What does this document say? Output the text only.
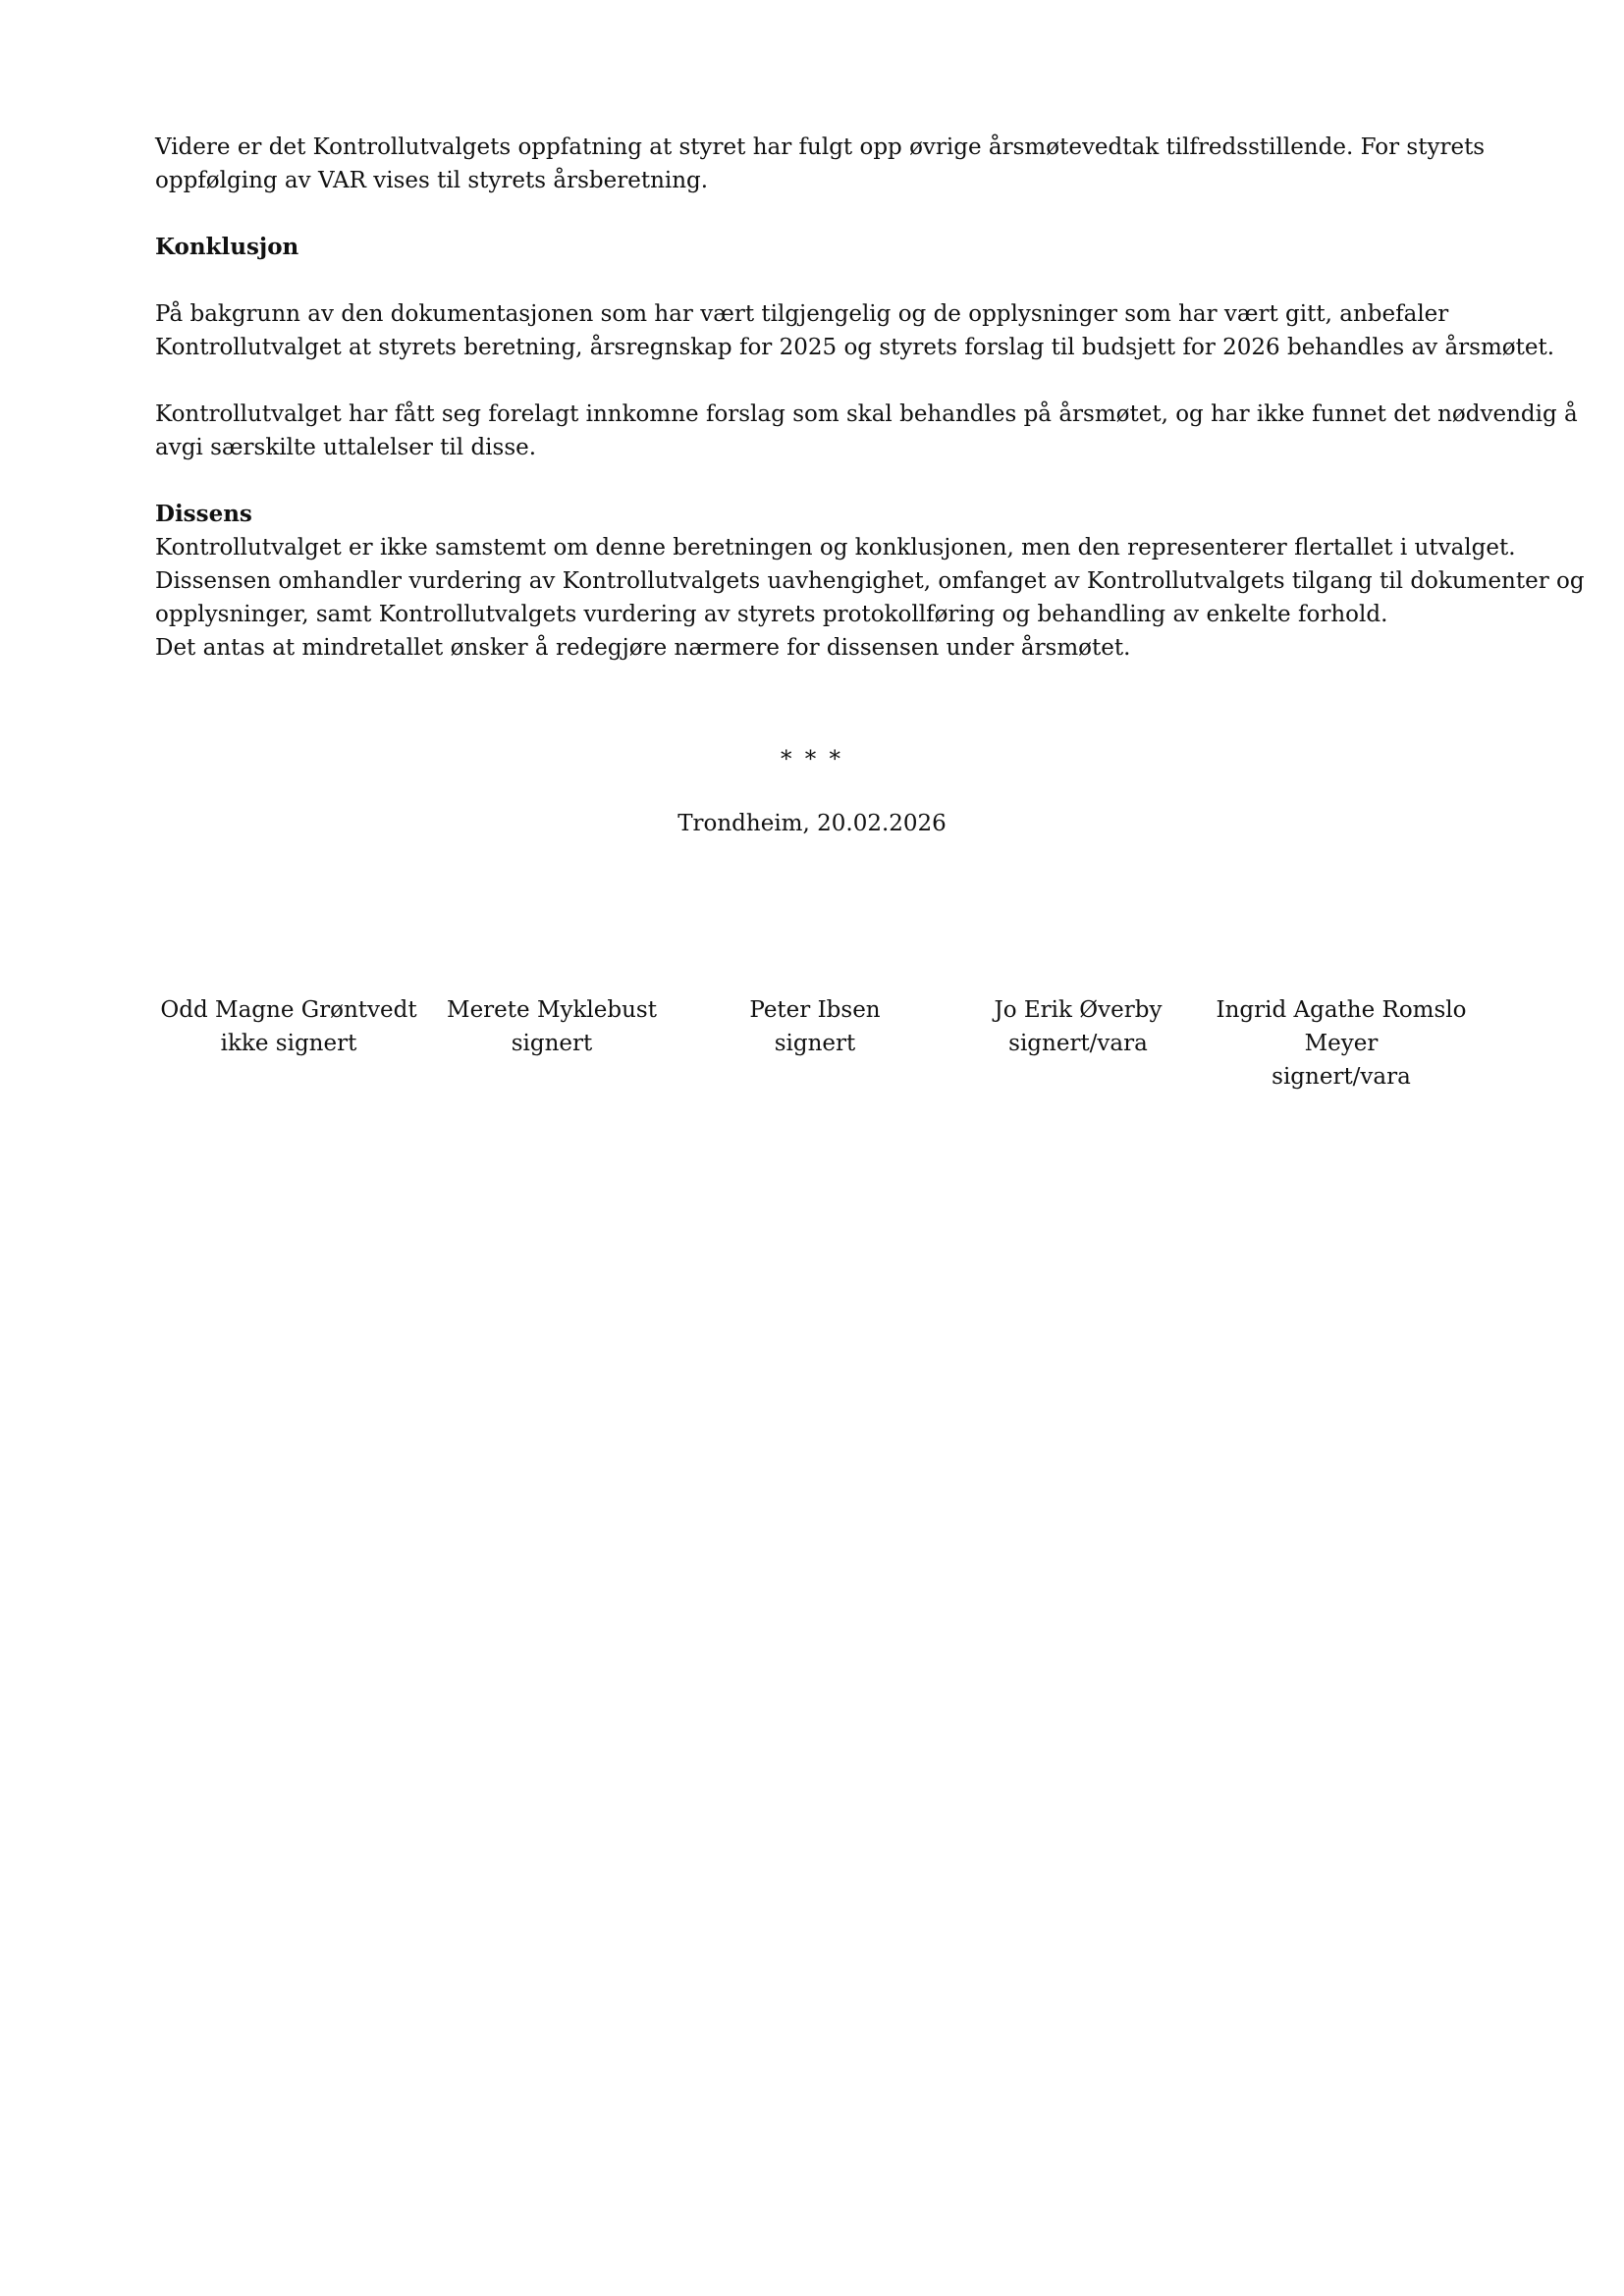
Videre er det Kontrollutvalgets oppfatning at styret har fulgt opp øvrige årsmøtevedtak tilfredsstillende. For styrets
oppfølging av VAR vises til styrets årsberetning.

Konklusjon

På bakgrunn av den dokumentasjonen som har vært tilgjengelig og de opplysninger som har vært gitt, anbefaler
Kontrollutvalget at styrets beretning, årsregnskap for 2025 og styrets forslag til budsjett for 2026 behandles av årsmøtet.

Kontrollutvalget har fått seg forelagt innkomne forslag som skal behandles på årsmøtet, og har ikke funnet det nødvendig å
avgi særskilte uttalelser til disse.

Dissens

Kontrollutvalget er ikke samstemt om denne beretningen og konklusjonen, men den representerer flertallet i utvalget.
Dissensen omhandler vurdering av Kontrollutvalgets uavhengighet, omfanget av Kontrollutvalgets tilgang til dokumenter og
opplysninger, samt Kontrollutvalgets vurdering av styrets protokollføring og behandling av enkelte forhold.
Det antas at mindretallet ønsker å redegjøre nærmere for dissensen under årsmøtet.

* * *
Trondheim, 20.02.2026
Odd Magne Grøntvedt
ikke signert
Merete Myklebust
signert
Peter Ibsen
signert
Jo Erik Øverby
signert/vara
Ingrid Agathe Romslo
Meyer
signert/vara
